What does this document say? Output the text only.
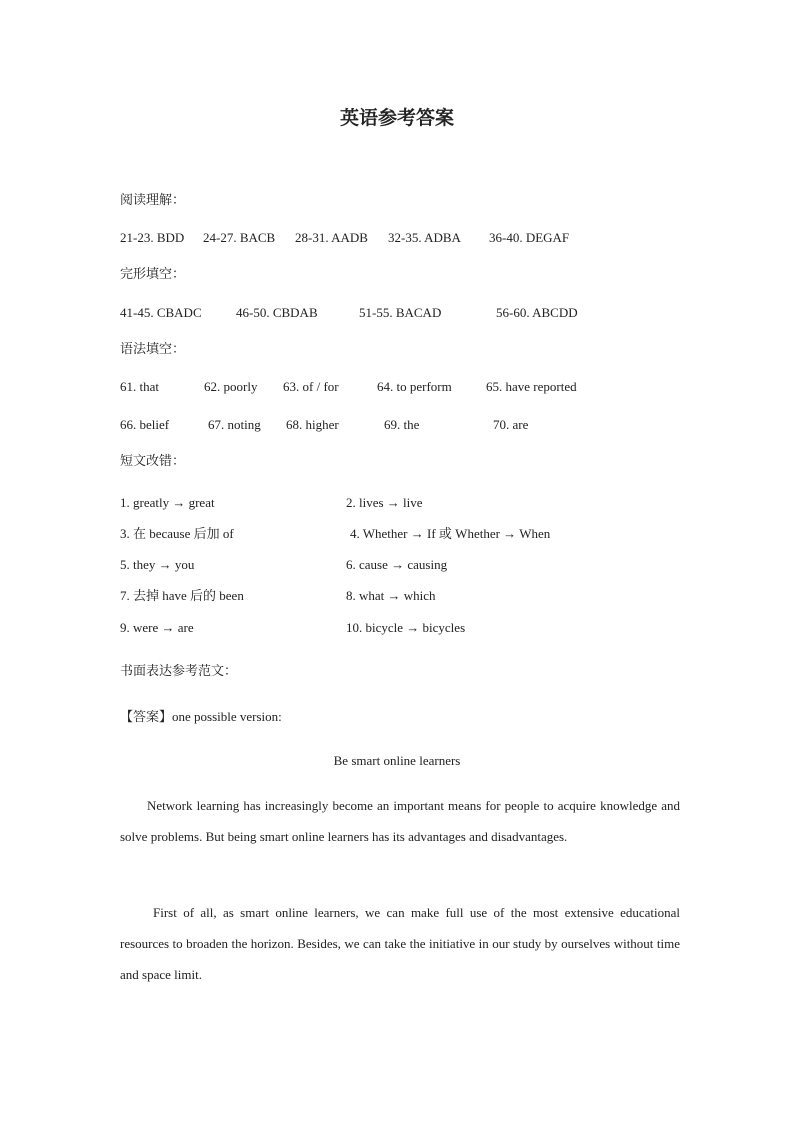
英语参考答案
阅读理解：
21-23. BDD 24-27. BACB 28-31. AADB 32-35. ADBA 36-40. DEGAF
完形填空：
41-45. CBADC	46-50. CBDAB	51-55. BACAD	56-60. ABCDD
语法填空：
61. that	62. poorly 63. of / for	64. to perform	65. have reported
66. belief	67. noting 68. higher	69. the	70. are
短文改错：
1. greatly → great	2. lives → live
3. 在 because 后加 of	4. Whether → If 或 Whether → When
5. they → you	6. cause → causing
7. 去掉 have 后的 been	8. what → which
9. were → are	10. bicycle → bicycles
书面表达参考范文：
【答案】one possible version:
Be smart online learners
Network learning has increasingly become an important means for people to acquire knowledge and solve problems. But being smart online learners has its advantages and disadvantages.
First of all, as smart online learners, we can make full use of the most extensive educational resources to broaden the horizon. Besides, we can take the initiative in our study by ourselves without time and space limit.
